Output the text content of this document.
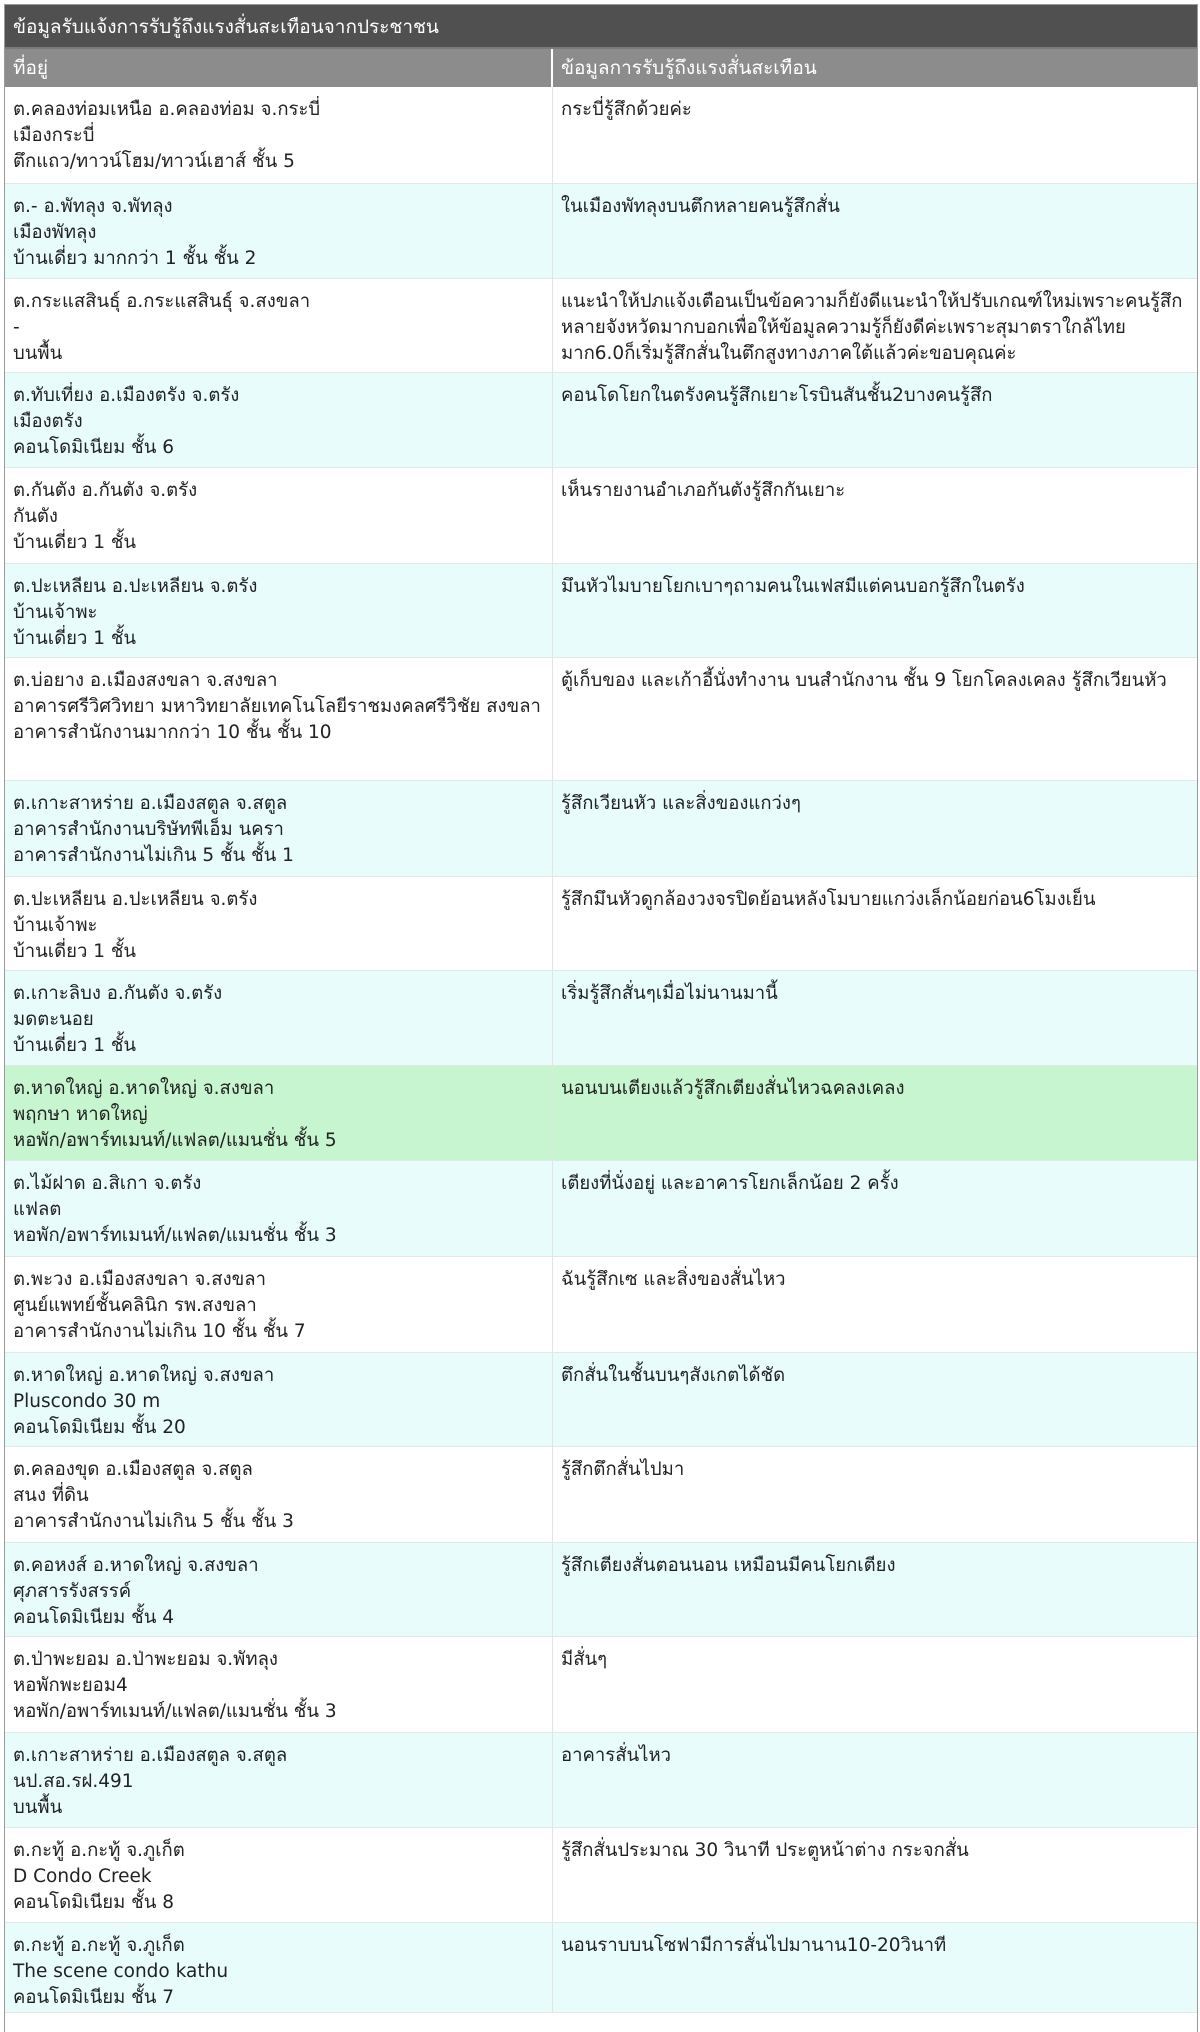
ข้อมูลรับแจ้งการรับรู้ถึงแรงสั่นสะเทือนจากประชาชน
ที่อยู่	ข้อมูลการรับรู้ถึงแรงสั่นสะเทือน
ต.คลองท่อมเหนือ อ.คลองท่อม จ.กระบี่
เมืองกระบี่
ตึกแถว/ทาวน์โฮม/ทาวน์เฮาส์ ชั้น 5
กระบี่รู้สึกด้วยค่ะ
ต.- อ.พัทลุง จ.พัทลุง
เมืองพัทลุง
บ้านเดี่ยว มากกว่า 1 ชั้น ชั้น 2
ในเมืองพัทลุงบนตึกหลายคนรู้สึกสั่น
ต.กระแสสินธุ์ อ.กระแสสินธุ์ จ.สงขลา
-
บนพื้น
แนะนำให้ปภแจ้งเตือนเป็นข้อความก็ยังดีแนะนำให้ปรับเกณฑ์ใหม่เพราะคนรู้สึกหลายจังหวัดมากบอกเพื่อให้ข้อมูลความรู้ก็ยังดีค่ะเพราะสุมาตราใกล้ไทยมาก6.0ก็เริ่มรู้สึกสั่นในตึกสูงทางภาคใต้แล้วค่ะขอบคุณค่ะ
ต.ทับเที่ยง อ.เมืองตรัง จ.ตรัง
เมืองตรัง
คอนโดมิเนียม ชั้น 6
คอนโดโยกในตรังคนรู้สึกเยาะโรบินสันชั้น2บางคนรู้สึก
ต.กันตัง อ.กันตัง จ.ตรัง
กันตัง
บ้านเดี่ยว 1 ชั้น
เห็นรายงานอำเภอกันตังรู้สึกกันเยาะ
ต.ปะเหลียน อ.ปะเหลียน จ.ตรัง
บ้านเจ้าพะ
บ้านเดี่ยว 1 ชั้น
มึนหัวไมบายโยกเบาๆถามคนในเฟสมีแต่คนบอกรู้สึกในตรัง
ต.บ่อยาง อ.เมืองสงขลา จ.สงขลา
อาคารศรีวิศวิทยา มหาวิทยาลัยเทคโนโลยีราชมงคลศรีวิชัย สงขลา
อาคารสำนักงานมากกว่า 10 ชั้น ชั้น 10
ตู้เก็บของ และเก้าอี้นั่งทำงาน บนสำนักงาน ชั้น 9 โยกโคลงเคลง รู้สึกเวียนหัว
ต.เกาะสาหร่าย อ.เมืองสตูล จ.สตูล
อาคารสำนักงานบริษัทพีเอ็ม นครา
อาคารสำนักงานไม่เกิน 5 ชั้น ชั้น 1
รู้สึกเวียนหัว และสิ่งของแกว่งๆ
ต.ปะเหลียน อ.ปะเหลียน จ.ตรัง
บ้านเจ้าพะ
บ้านเดี่ยว 1 ชั้น
รู้สึกมึนหัวดูกล้องวงจรปิดย้อนหลังโมบายแกว่งเล็กน้อยก่อน6โมงเย็น
ต.เกาะลิบง อ.กันตัง จ.ตรัง
มดตะนอย
บ้านเดี่ยว 1 ชั้น
เริ่มรู้สึกสั่นๆเมื่อไม่นานมานี้
ต.หาดใหญ่ อ.หาดใหญ่ จ.สงขลา
พฤกษา หาดใหญ่
หอพัก/อพาร์ทเมนท์/แฟลต/แมนชั่น ชั้น 5
นอนบนเตียงแล้วรู้สึกเตียงสั่นไหวฉคลงเคลง
ต.ไม้ฝาด อ.สิเกา จ.ตรัง
แฟลต
หอพัก/อพาร์ทเมนท์/แฟลต/แมนชั่น ชั้น 3
เตียงที่นั่งอยู่ และอาคารโยกเล็กน้อย 2 ครั้ง
ต.พะวง อ.เมืองสงขลา จ.สงขลา
ศูนย์แพทย์ชั้นคลินิก รพ.สงขลา
อาคารสำนักงานไม่เกิน 10 ชั้น ชั้น 7
ฉันรู้สึกเซ และสิ่งของสั่นไหว
ต.หาดใหญ่ อ.หาดใหญ่ จ.สงขลา
Pluscondo 30 m
คอนโดมิเนียม ชั้น 20
ตึกสั่นในชั้นบนๆสังเกตได้ชัด
ต.คลองขุด อ.เมืองสตูล จ.สตูล
สนง ที่ดิน
อาคารสำนักงานไม่เกิน 5 ชั้น ชั้น 3
รู้สึกตึกสั่นไปมา
ต.คอหงส์ อ.หาดใหญ่ จ.สงขลา
ศุภสารรังสรรค์
คอนโดมิเนียม ชั้น 4
รู้สึกเตียงสั่นตอนนอน เหมือนมีคนโยกเตียง
ต.ป่าพะยอม อ.ป่าพะยอม จ.พัทลุง
หอพักพะยอม4
หอพัก/อพาร์ทเมนท์/แฟลต/แมนชั่น ชั้น 3
มีสั่นๆ
ต.เกาะสาหร่าย อ.เมืองสตูล จ.สตูล
นป.สอ.รฝ.491
บนพื้น
อาคารสั่นไหว
ต.กะทู้ อ.กะทู้ จ.ภูเก็ต
D Condo Creek
คอนโดมิเนียม ชั้น 8
รู้สึกสั่นประมาณ 30 วินาที ประตูหน้าต่าง กระจกสั่น
ต.กะทู้ อ.กะทู้ จ.ภูเก็ต
The scene condo kathu
คอนโดมิเนียม ชั้น 7
นอนราบบนโซฟามีการสั่นไปมานาน10-20วินาที
